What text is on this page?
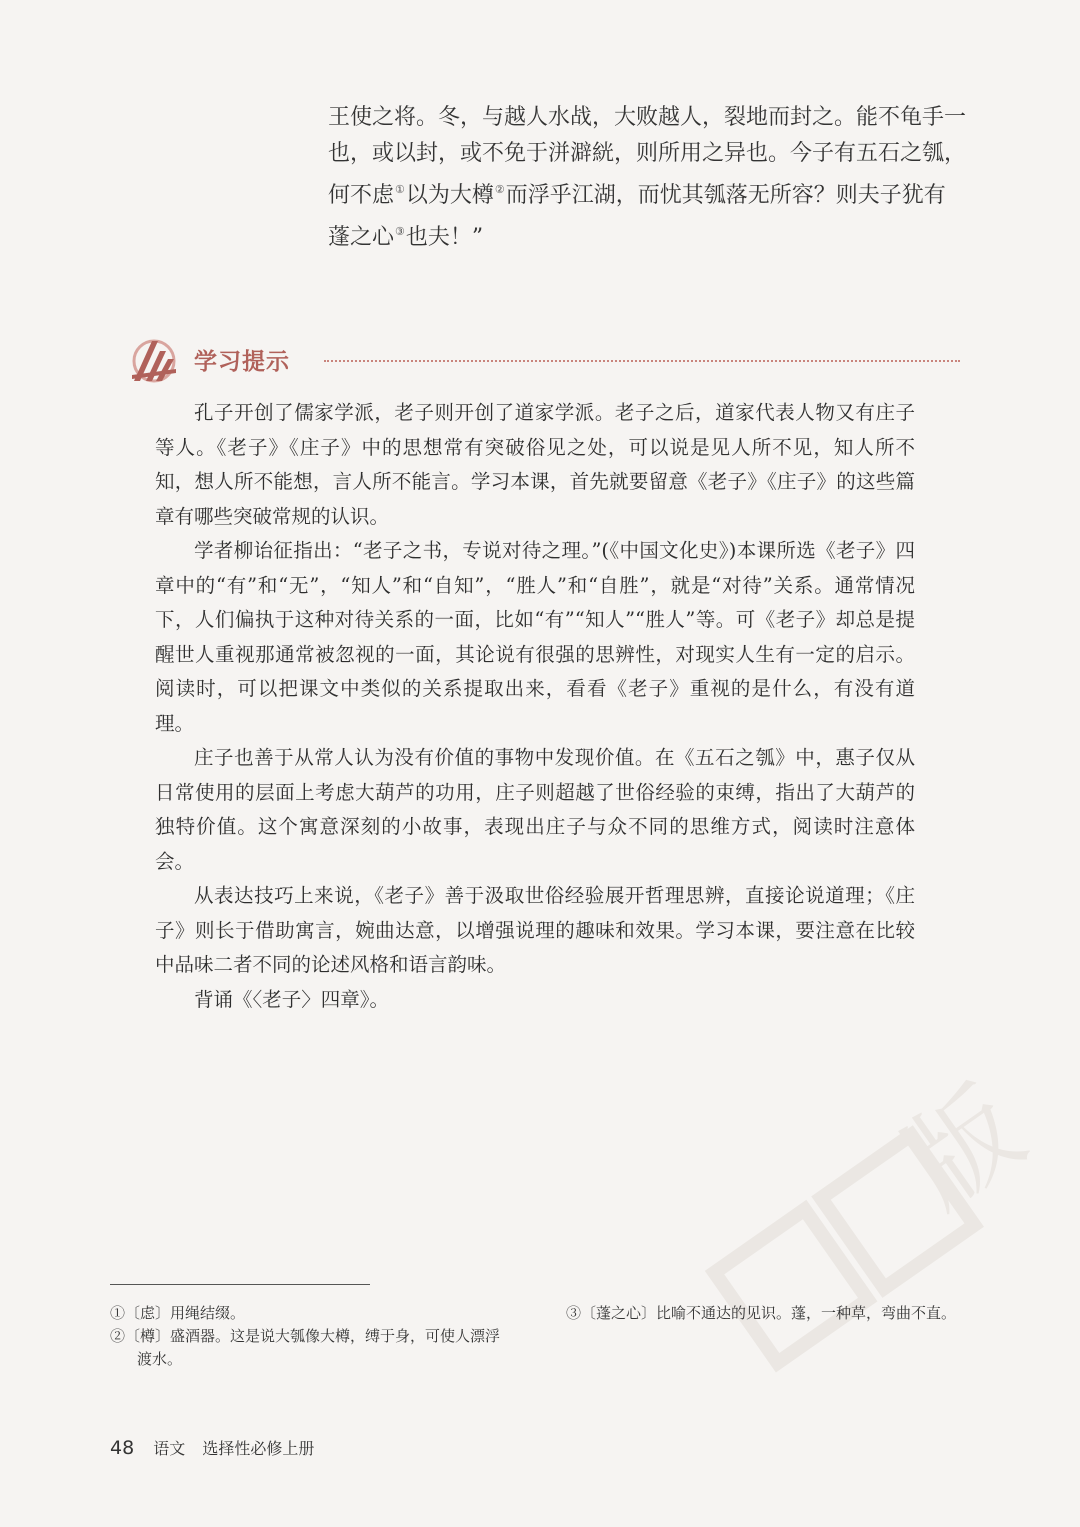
王使之将。冬，与越人水战，大败越人，裂地而封之。能不龟手一

也，或以封，或不免于洴澼絖，则所用之异也。今子有五石之瓠，

何不虑①以为大樽②而浮乎江湖，而忧其瓠落无所容？则夫子犹有

蓬之心③也夫！”

学习提示

孔子开创了儒家学派，老子则开创了道家学派。老子之后，道家代表人物又有庄子等人。《老子》《庄子》中的思想常有突破俗见之处，可以说是见人所不见，知人所不知，想人所不能想，言人所不能言。学习本课，首先就要留意《老子》《庄子》的这些篇章有哪些突破常规的认识。

学者柳诒征指出：“老子之书，专说对待之理。”(《中国文化史》)本课所选《老子》四章中的“有”和“无”，“知人”和“自知”，“胜人”和“自胜”，就是“对待”关系。通常情况下，人们偏执于这种对待关系的一面，比如“有”“知人”“胜人”等。可《老子》却总是提醒世人重视那通常被忽视的一面，其论说有很强的思辨性，对现实人生有一定的启示。阅读时，可以把课文中类似的关系提取出来，看看《老子》重视的是什么，有没有道理。

庄子也善于从常人认为没有价值的事物中发现价值。在《五石之瓠》中，惠子仅从日常使用的层面上考虑大葫芦的功用，庄子则超越了世俗经验的束缚，指出了大葫芦的独特价值。这个寓意深刻的小故事，表现出庄子与众不同的思维方式，阅读时注意体会。

从表达技巧上来说，《老子》善于汲取世俗经验展开哲理思辨，直接论说道理；《庄子》则长于借助寓言，婉曲达意，以增强说理的趣味和效果。学习本课，要注意在比较中品味二者不同的论述风格和语言韵味。

背诵《〈老子〉四章》。

版

①〔虑〕用绳结缀。

②〔樽〕盛酒器。这是说大瓠像大樽，缚于身，可使人漂浮渡水。

③〔蓬之心〕比喻不通达的见识。蓬，一种草，弯曲不直。

48 语文 选择性必修上册
